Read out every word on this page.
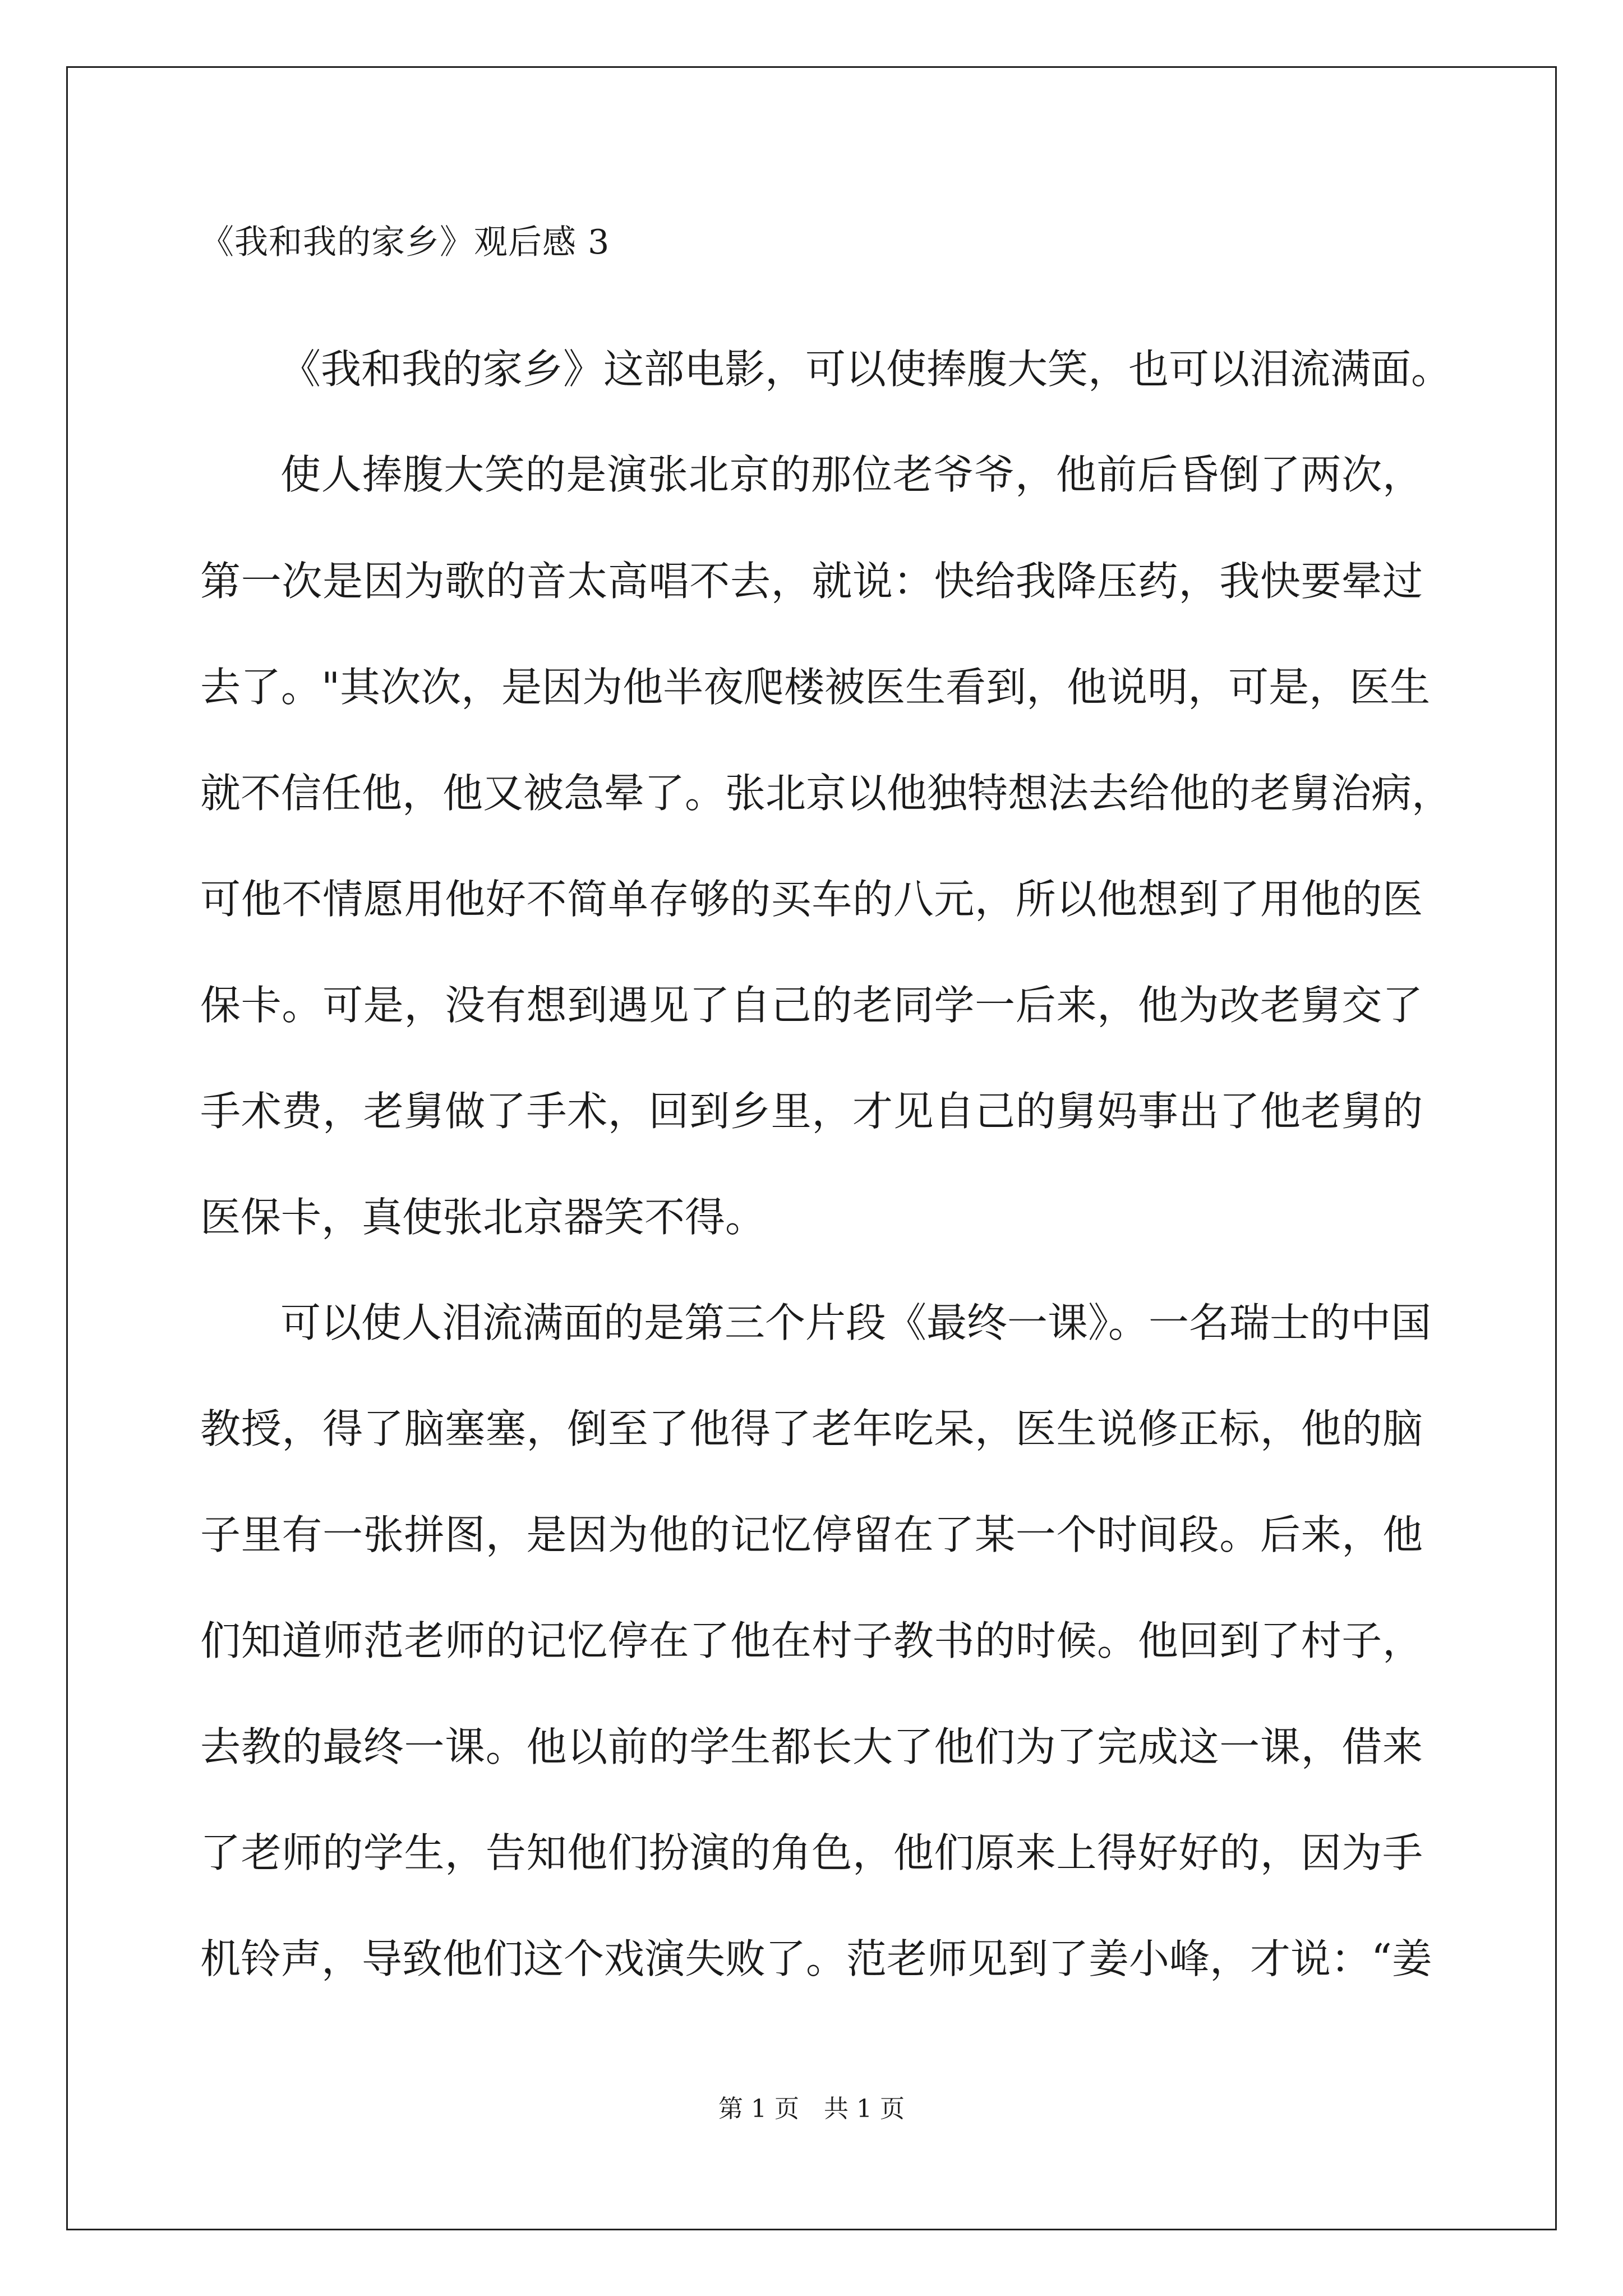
《我和我的家乡》观后感 3
《我和我的家乡》这部电影，可以使捧腹大笑，也可以泪流满面。
使人捧腹大笑的是演张北京的那位老爷爷，他前后昏倒了两次，
第一次是因为歌的音太高唱不去，就说：快给我降压药，我快要晕过
去了。"其次次，是因为他半夜爬楼被医生看到，他说明，可是，医生
就不信任他，他又被急晕了。张北京以他独特想法去给他的老舅治病，
可他不情愿用他好不简单存够的买车的八元，所以他想到了用他的医
保卡。可是，没有想到遇见了自己的老同学一后来，他为改老舅交了
手术费，老舅做了手术，回到乡里，才见自己的舅妈事出了他老舅的
医保卡，真使张北京器笑不得。
可以使人泪流满面的是第三个片段《最终一课》。一名瑞士的中国
教授，得了脑塞塞，倒至了他得了老年吃呆，医生说修正标，他的脑
子里有一张拼图，是因为他的记忆停留在了某一个时间段。后来，他
们知道师范老师的记忆停在了他在村子教书的时候。他回到了村子，
去教的最终一课。他以前的学生都长大了他们为了完成这一课，借来
了老师的学生，告知他们扮演的角色，他们原来上得好好的，因为手
机铃声，导致他们这个戏演失败了。范老师见到了姜小峰，才说：“姜
第 1 页　共 1 页
